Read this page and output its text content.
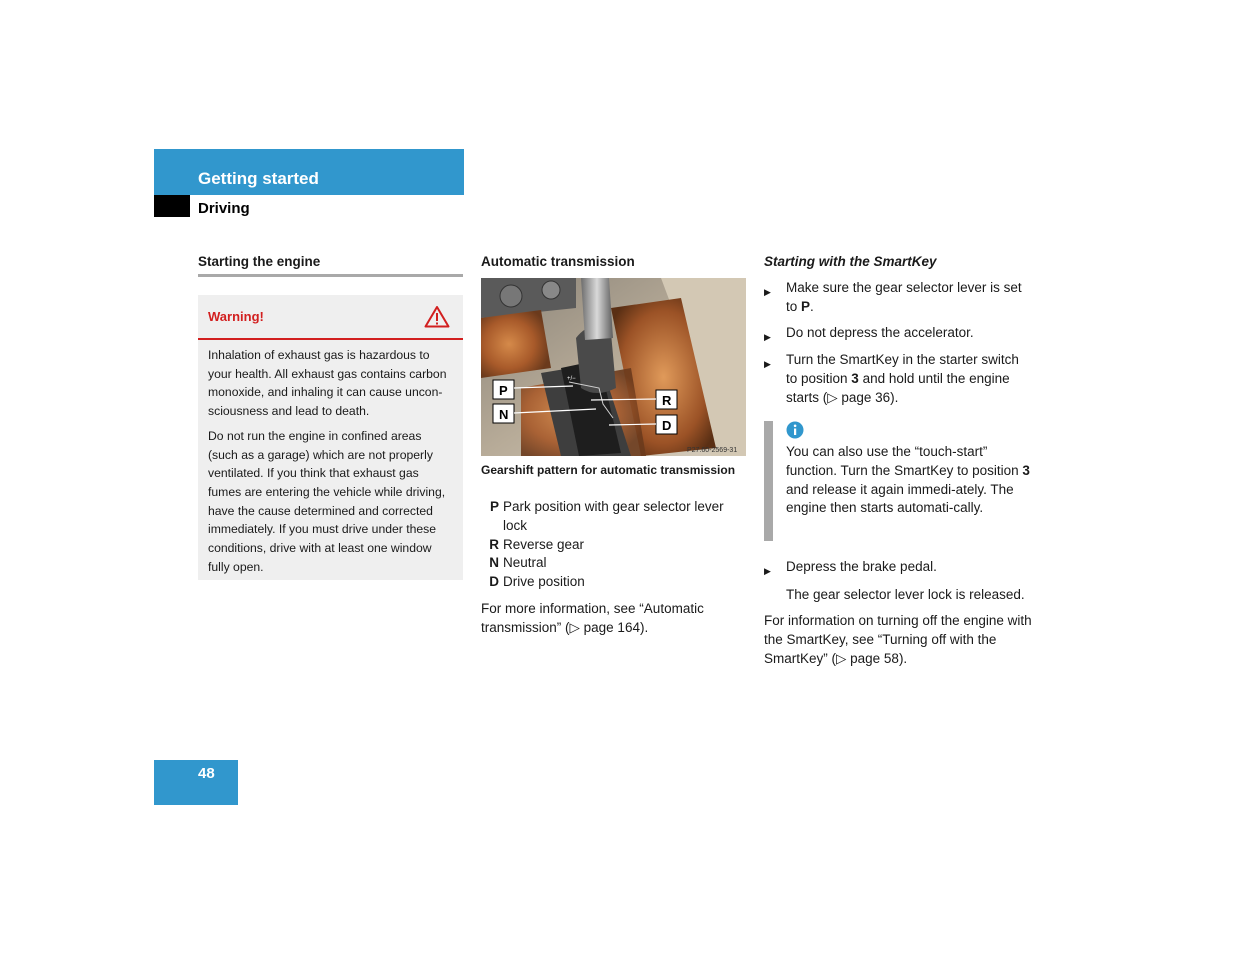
Getting started
Driving
Starting the engine
Warning!

Inhalation of exhaust gas is hazardous to your health. All exhaust gas contains carbon monoxide, and inhaling it can cause uncon-sciousness and lead to death.

Do not run the engine in confined areas (such as a garage) which are not properly ventilated. If you think that exhaust gas fumes are entering the vehicle while driving, have the cause determined and corrected immediately. If you must drive under these conditions, drive with at least one window fully open.

Automatic transmission
+/−
P
N
R
D
P27.60-2569-31
Gearshift pattern for automatic transmission
P Park position with gear selector lever lock
R Reverse gear
N Neutral
D Drive position
For more information, see “Automatic transmission” (▷ page 164).
Starting with the SmartKey
▶	Make sure the gear selector lever is set to P.
▶	Do not depress the accelerator.
▶	Turn the SmartKey in the starter switch to position 3 and hold until the engine starts (▷ page 36).
You can also use the “touch-start” function. Turn the SmartKey to position 3 and release it again immedi-ately. The engine then starts automati-cally.
▶	Depress the brake pedal.
The gear selector lever lock is released.
For information on turning off the engine with the SmartKey, see “Turning off with the SmartKey” (▷ page 58).
48
